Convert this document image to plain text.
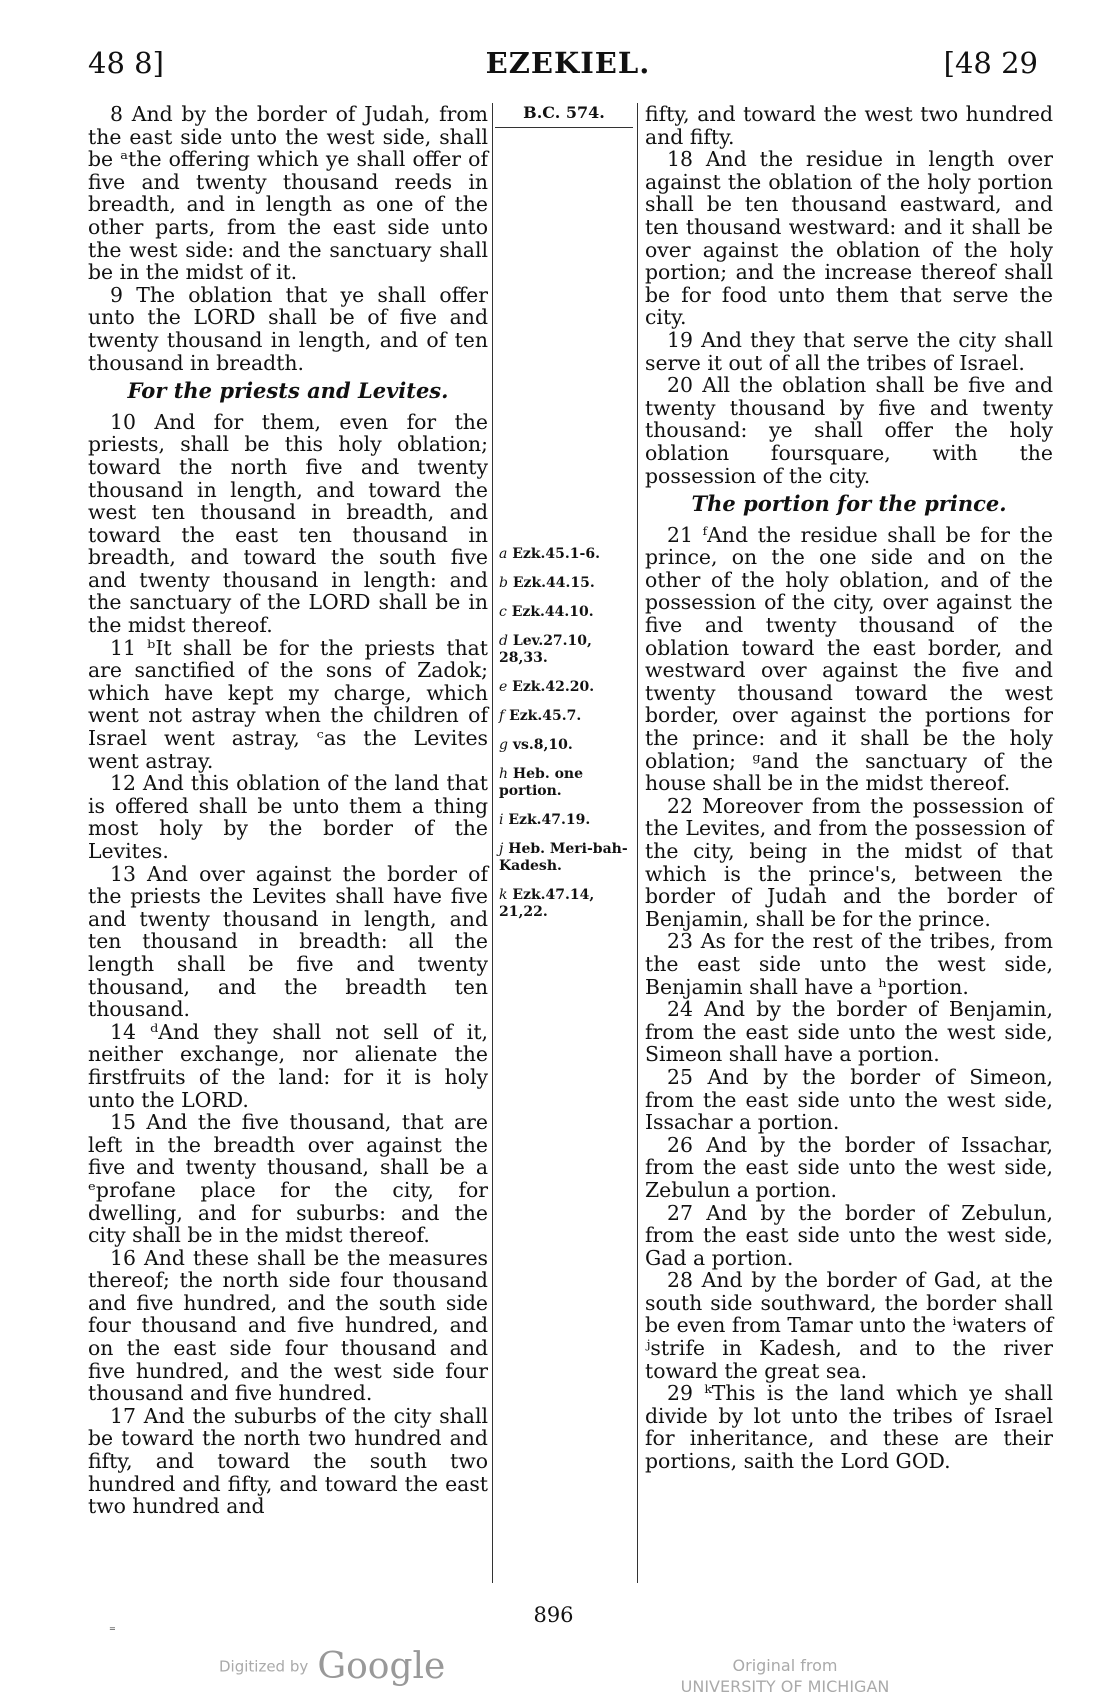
48 8]	EZEKIEL.	[48 29

8 And by the border of Judah, from the east side unto the west side, shall be ᵃthe offering which ye shall offer of five and twenty thousand reeds in breadth, and in length as one of the other parts, from the east side unto the west side: and the sanctuary shall be in the midst of it.

9 The oblation that ye shall offer unto the LORD shall be of five and twenty thousand in length, and of ten thousand in breadth.

For the priests and Levites.

10 And for them, even for the priests, shall be this holy oblation; toward the north five and twenty thousand in length, and toward the west ten thousand in breadth, and toward the east ten thousand in breadth, and toward the south five and twenty thousand in length: and the sanctuary of the LORD shall be in the midst thereof.

11 ᵇIt shall be for the priests that are sanctified of the sons of Zadok; which have kept my charge, which went not astray when the children of Israel went astray, ᶜas the Levites went astray.

12 And this oblation of the land that is offered shall be unto them a thing most holy by the border of the Levites.

13 And over against the border of the priests the Levites shall have five and twenty thousand in length, and ten thousand in breadth: all the length shall be five and twenty thousand, and the breadth ten thousand.

14 ᵈAnd they shall not sell of it, neither exchange, nor alienate the firstfruits of the land: for it is holy unto the LORD.

15 And the five thousand, that are left in the breadth over against the five and twenty thousand, shall be a ᵉprofane place for the city, for dwelling, and for suburbs: and the city shall be in the midst thereof.

16 And these shall be the measures thereof; the north side four thousand and five hundred, and the south side four thousand and five hundred, and on the east side four thousand and five hundred, and the west side four thousand and five hundred.

17 And the suburbs of the city shall be toward the north two hundred and fifty, and toward the south two hundred and fifty, and toward the east two hundred and

B.C. 574.
a Ezk.45.1-6.
b Ezk.44.15.
c Ezk.44.10.
d Lev.27.10, 28,33.
e Ezk.42.20.
f Ezk.45.7.
g vs.8,10.
h Heb. one portion.
i Ezk.47.19.
j Heb. Meri-bah-Kadesh.
k Ezk.47.14, 21,22.

fifty, and toward the west two hundred and fifty.

18 And the residue in length over against the oblation of the holy portion shall be ten thousand eastward, and ten thousand westward: and it shall be over against the oblation of the holy portion; and the increase thereof shall be for food unto them that serve the city.

19 And they that serve the city shall serve it out of all the tribes of Israel.

20 All the oblation shall be five and twenty thousand by five and twenty thousand: ye shall offer the holy oblation foursquare, with the possession of the city.

The portion for the prince.

21 ᶠAnd the residue shall be for the prince, on the one side and on the other of the holy oblation, and of the possession of the city, over against the five and twenty thousand of the oblation toward the east border, and westward over against the five and twenty thousand toward the west border, over against the portions for the prince: and it shall be the holy oblation; ᵍand the sanctuary of the house shall be in the midst thereof.

22 Moreover from the possession of the Levites, and from the possession of the city, being in the midst of that which is the prince's, between the border of Judah and the border of Benjamin, shall be for the prince.

23 As for the rest of the tribes, from the east side unto the west side, Benjamin shall have a ʰportion.

24 And by the border of Benjamin, from the east side unto the west side, Simeon shall have a portion.

25 And by the border of Simeon, from the east side unto the west side, Issachar a portion.

26 And by the border of Issachar, from the east side unto the west side, Zebulun a portion.

27 And by the border of Zebulun, from the east side unto the west side, Gad a portion.

28 And by the border of Gad, at the south side southward, the border shall be even from Tamar unto the ⁱwaters of ʲstrife in Kadesh, and to the river toward the great sea.

29 ᵏThis is the land which ye shall divide by lot unto the tribes of Israel for inheritance, and these are their portions, saith the Lord GOD.

⁼
896
Digitized by Google	Original from
UNIVERSITY OF MICHIGAN
